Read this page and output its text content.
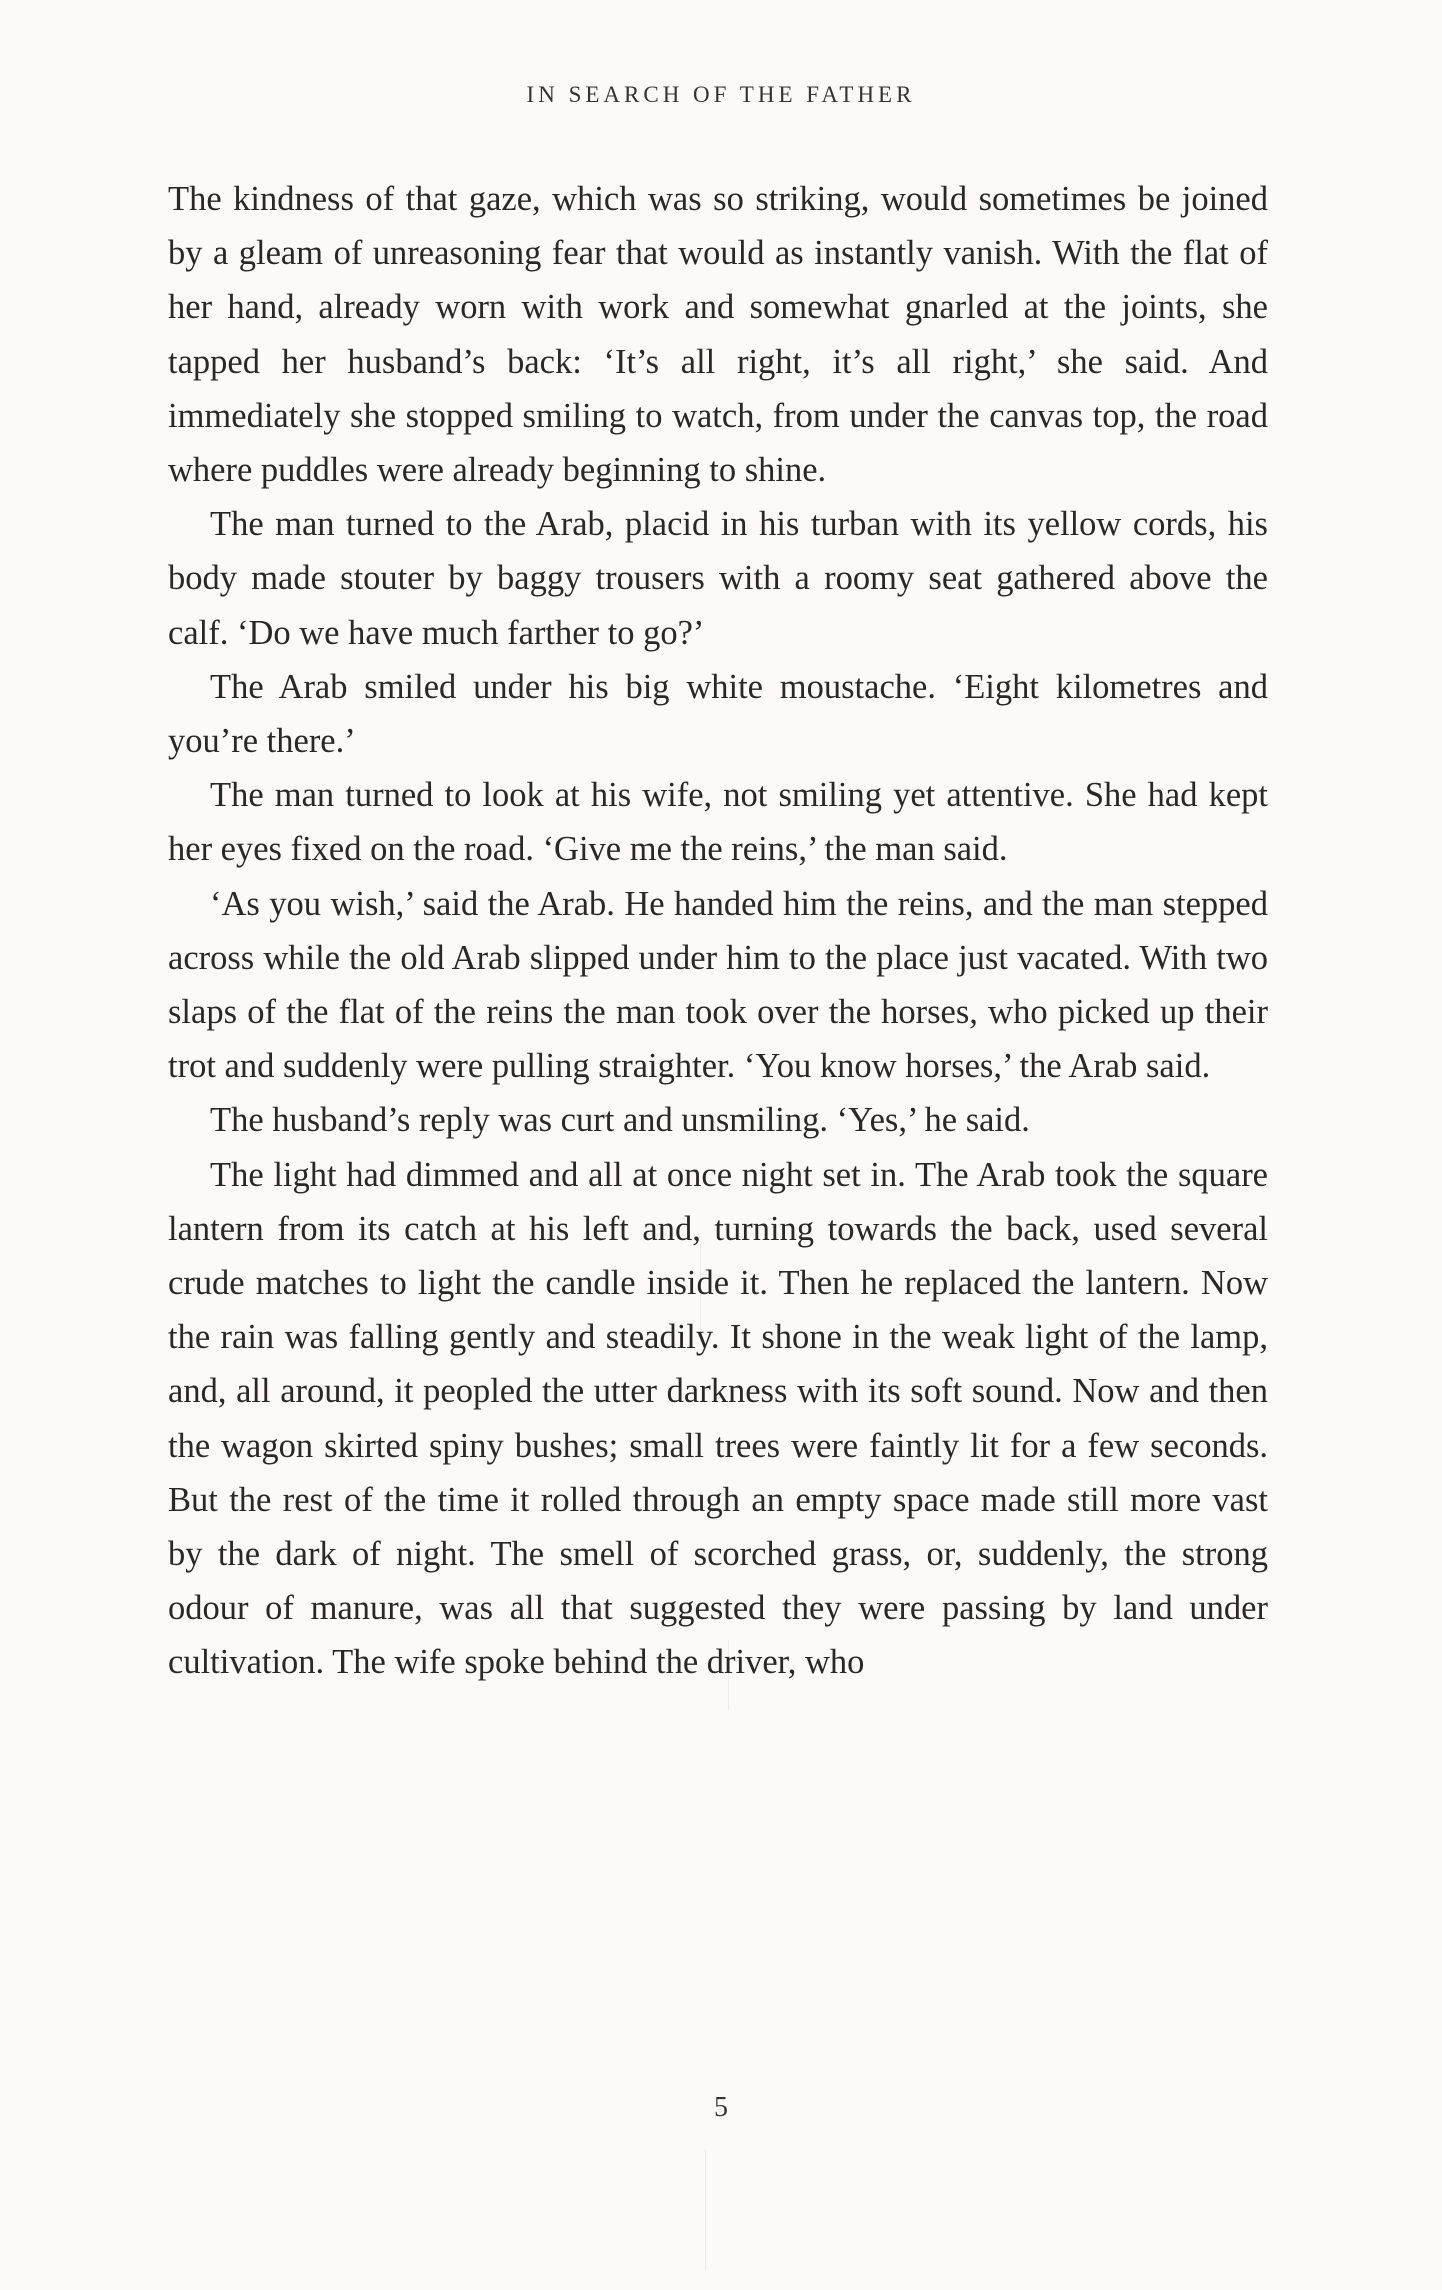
IN SEARCH OF THE FATHER

The kindness of that gaze, which was so striking, would sometimes be joined by a gleam of unreasoning fear that would as instantly vanish. With the flat of her hand, already worn with work and somewhat gnarled at the joints, she tapped her husband’s back: ‘It’s all right, it’s all right,’ she said. And immediately she stopped smiling to watch, from under the canvas top, the road where puddles were already beginning to shine.

The man turned to the Arab, placid in his turban with its yellow cords, his body made stouter by baggy trousers with a roomy seat gathered above the calf. ‘Do we have much farther to go?’

The Arab smiled under his big white moustache. ‘Eight kilometres and you’re there.’

The man turned to look at his wife, not smiling yet attentive. She had kept her eyes fixed on the road. ‘Give me the reins,’ the man said.

‘As you wish,’ said the Arab. He handed him the reins, and the man stepped across while the old Arab slipped under him to the place just vacated. With two slaps of the flat of the reins the man took over the horses, who picked up their trot and suddenly were pulling straighter. ‘You know horses,’ the Arab said.

The husband’s reply was curt and unsmiling. ‘Yes,’ he said.

The light had dimmed and all at once night set in. The Arab took the square lantern from its catch at his left and, turning towards the back, used several crude matches to light the candle inside it. Then he replaced the lantern. Now the rain was falling gently and steadily. It shone in the weak light of the lamp, and, all around, it peopled the utter darkness with its soft sound. Now and then the wagon skirted spiny bushes; small trees were faintly lit for a few seconds. But the rest of the time it rolled through an empty space made still more vast by the dark of night. The smell of scorched grass, or, suddenly, the strong odour of manure, was all that suggested they were passing by land under cultivation. The wife spoke behind the driver, who

5
